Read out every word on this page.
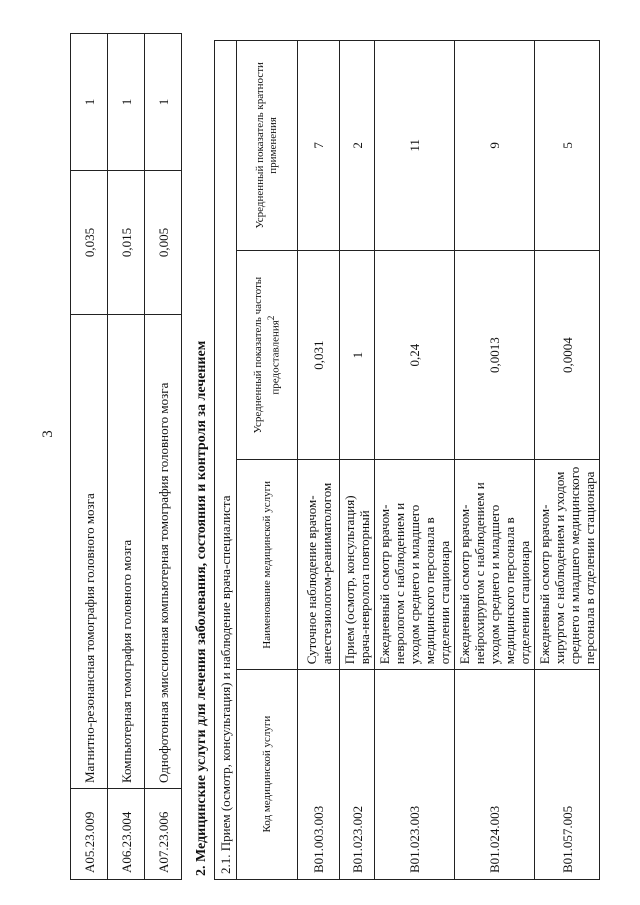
3
A05.23.009	Магнитно-резонансная томография головного мозга	0,035	1
A06.23.004	Компьютерная томография головного мозга	0,015	1
A07.23.006	Однофотонная эмиссионная компьютерная томография головного мозга	0,005	1
2. Медицинские услуги для лечения заболевания, состояния и контроля за лечением 2.1. Прием (осмотр, консультация) и наблюдение врача-специалиста			
Код медицинской услуги	Наименование медицинской услуги	Усредненный показатель частоты предоставления$^2$	Усредненный показатель кратности применения
B01.003.003	Суточное наблюдение врачом-анестезиологом-реаниматологом	0,031	7
B01.023.002	Прием (осмотр, консультация) врача-невролога повторный	1	2
B01.023.003	Ежедневный осмотр врачом-неврологом с наблюдением и уходом среднего и младшего медицинского персонала в отделении стационара	0,24	11
B01.024.003	Ежедневный осмотр врачом-нейрохирургом с наблюдением и уходом среднего и младшего медицинского персонала в отделении стационара	0,0013	9
B01.057.005	Ежедневный осмотр врачом-хирургом с наблюдением и уходом среднего и младшего медицинского персонала в отделении стационара	0,0004	5
